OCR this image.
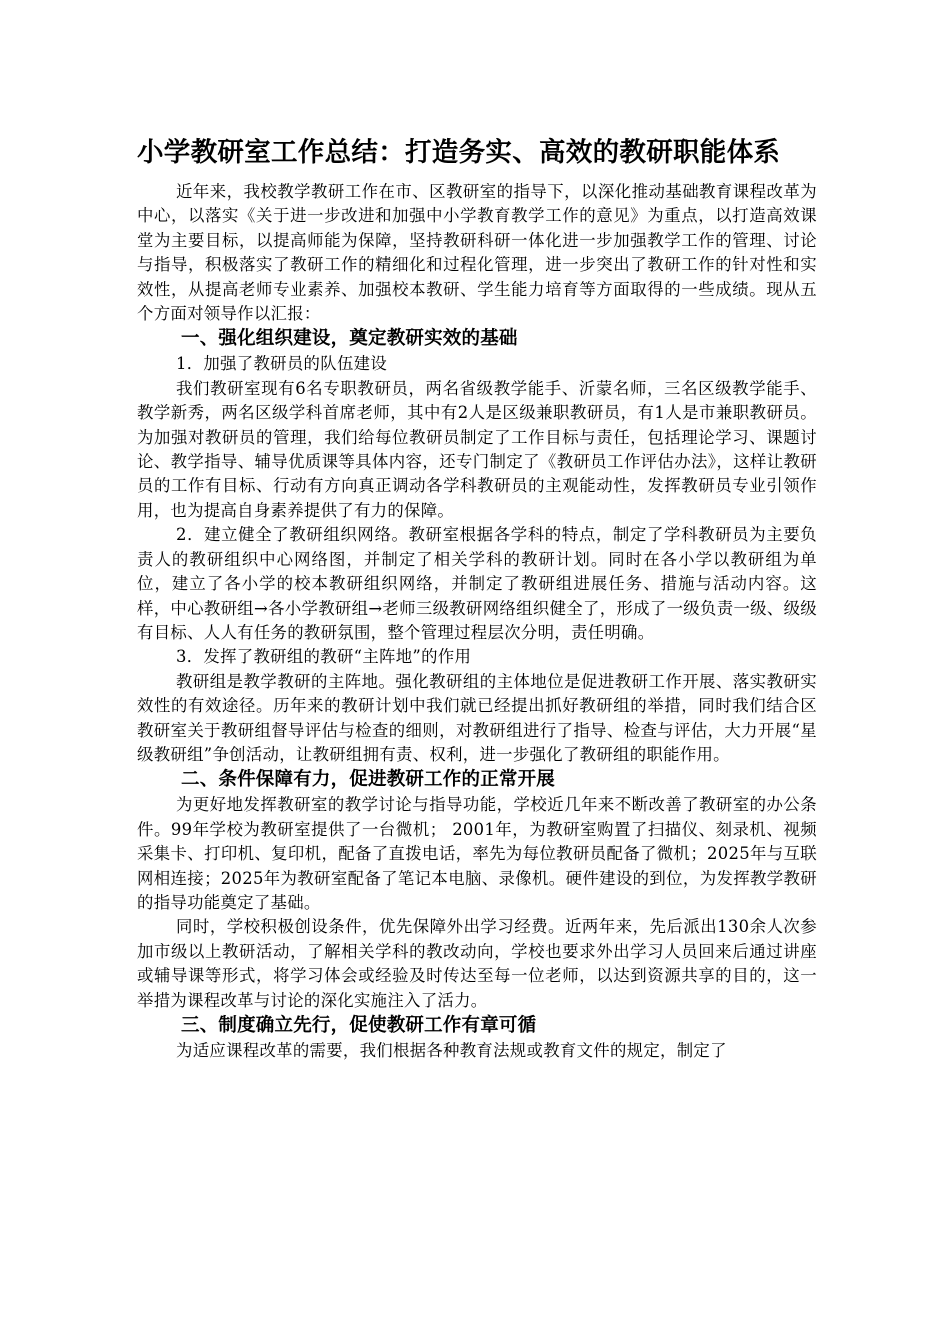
小学教研室工作总结：打造务实、高效的教研职能体系

近年来，我校教学教研工作在市、区教研室的指导下，以深化推动基础教育课程改革为中心，以落实《关于进一步改进和加强中小学教育教学工作的意见》为重点，以打造高效课堂为主要目标，以提高师能为保障，坚持教研科研一体化进一步加强教学工作的管理、讨论与指导，积极落实了教研工作的精细化和过程化管理，进一步突出了教研工作的针对性和实效性，从提高老师专业素养、加强校本教研、学生能力培育等方面取得的一些成绩。现从五个方面对领导作以汇报：

一、强化组织建设，奠定教研实效的基础

1．加强了教研员的队伍建设

我们教研室现有6名专职教研员，两名省级教学能手、沂蒙名师，三名区级教学能手、教学新秀，两名区级学科首席老师，其中有2人是区级兼职教研员，有1人是市兼职教研员。为加强对教研员的管理，我们给每位教研员制定了工作目标与责任，包括理论学习、课题讨论、教学指导、辅导优质课等具体内容，还专门制定了《教研员工作评估办法》，这样让教研员的工作有目标、行动有方向真正调动各学科教研员的主观能动性，发挥教研员专业引领作用，也为提高自身素养提供了有力的保障。

2．建立健全了教研组织网络。教研室根据各学科的特点，制定了学科教研员为主要负责人的教研组织中心网络图，并制定了相关学科的教研计划。同时在各小学以教研组为单位，建立了各小学的校本教研组织网络，并制定了教研组进展任务、措施与活动内容。这样，中心教研组→各小学教研组→老师三级教研网络组织健全了，形成了一级负责一级、级级有目标、人人有任务的教研氛围，整个管理过程层次分明，责任明确。

3．发挥了教研组的教研“主阵地”的作用

教研组是教学教研的主阵地。强化教研组的主体地位是促进教研工作开展、落实教研实效性的有效途径。历年来的教研计划中我们就已经提出抓好教研组的举措，同时我们结合区教研室关于教研组督导评估与检查的细则，对教研组进行了指导、检查与评估，大力开展“星级教研组”争创活动，让教研组拥有责、权利，进一步强化了教研组的职能作用。

二、条件保障有力，促进教研工作的正常开展

为更好地发挥教研室的教学讨论与指导功能，学校近几年来不断改善了教研室的办公条件。99年学校为教研室提供了一台微机； 2001年，为教研室购置了扫描仪、刻录机、视频采集卡、打印机、复印机，配备了直拨电话，率先为每位教研员配备了微机；2025年与互联网相连接；2025年为教研室配备了笔记本电脑、录像机。硬件建设的到位，为发挥教学教研的指导功能奠定了基础。

同时，学校积极创设条件，优先保障外出学习经费。近两年来，先后派出130余人次参加市级以上教研活动，了解相关学科的教改动向，学校也要求外出学习人员回来后通过讲座或辅导课等形式，将学习体会或经验及时传达至每一位老师，以达到资源共享的目的，这一举措为课程改革与讨论的深化实施注入了活力。

三、制度确立先行，促使教研工作有章可循

为适应课程改革的需要，我们根据各种教育法规或教育文件的规定，制定了
